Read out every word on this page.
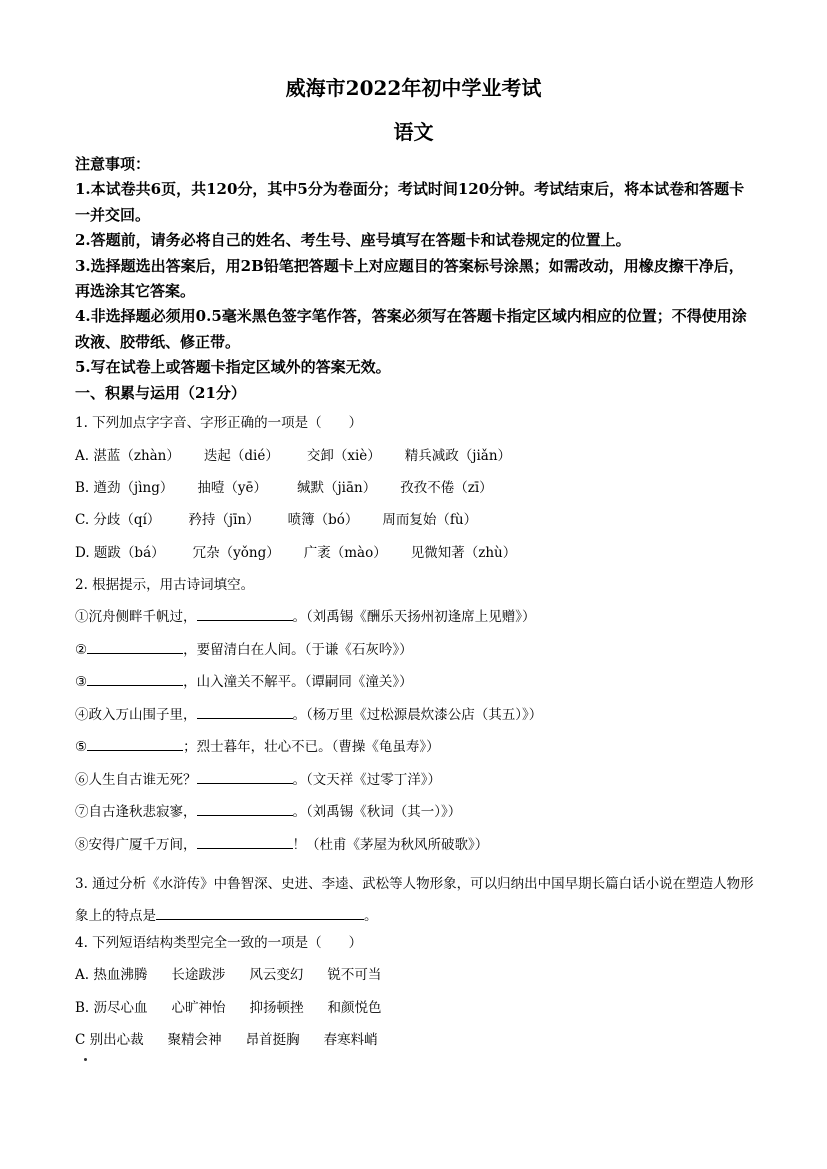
威海市2022年初中学业考试
语文

注意事项：

1.本试卷共6页，共120分，其中5分为卷面分；考试时间120分钟。考试结束后，将本试卷和答题卡一并交回。

2.答题前，请务必将自己的姓名、考生号、座号填写在答题卡和试卷规定的位置上。

3.选择题选出答案后，用2B铅笔把答题卡上对应题目的答案标号涂黑；如需改动，用橡皮擦干净后，再选涂其它答案。

4.非选择题必须用0.5毫米黑色签字笔作答，答案必须写在答题卡指定区域内相应的位置；不得使用涂改液、胶带纸、修正带。

5.写在试卷上或答题卡指定区域外的答案无效。

一、积累与运用（21分）
1. 下列加点字字音、字形正确的一项是（　　）
A. 湛蓝（zhàn） 迭起（dié） 交卸（xiè） 精兵减政（jiǎn）
B. 遒劲（jìng） 抽噎（yē） 缄默（jiān） 孜孜不倦（zī）
C. 分歧（qí） 矜持（jīn） 喷簿（bó） 周而复始（fù）
D. 题跋（bá） 冗杂（yǒng） 广袤（mào） 见微知著（zhù）
2. 根据提示，用古诗词填空。
①沉舟侧畔千帆过，	。（刘禹锡《酬乐天扬州初逢席上见赠》）
②	，要留清白在人间。（于谦《石灰吟》）
③	，山入潼关不解平。（谭嗣同《潼关》）
④政入万山围子里，	。（杨万里《过松源晨炊漆公店（其五）》）
⑤	；烈士暮年，壮心不已。（曹操《龟虽寿》）
⑥人生自古谁无死？	。（文天祥《过零丁洋》）
⑦自古逢秋悲寂寥，	。（刘禹锡《秋词（其一）》）
⑧安得广厦千万间，	！（杜甫《茅屋为秋风所破歌》）
3. 通过分析《水浒传》中鲁智深、史进、李逵、武松等人物形象，可以归纳出中国早期长篇白话小说在塑造人物形象上的特点是	。
4. 下列短语结构类型完全一致的一项是（　　）
A. 热血沸腾 长途跋涉 风云变幻 锐不可当
B. 沥尽心血 心旷神怡 抑扬顿挫 和颜悦色
C 别出心裁 聚精会神 昂首挺胸 春寒料峭
